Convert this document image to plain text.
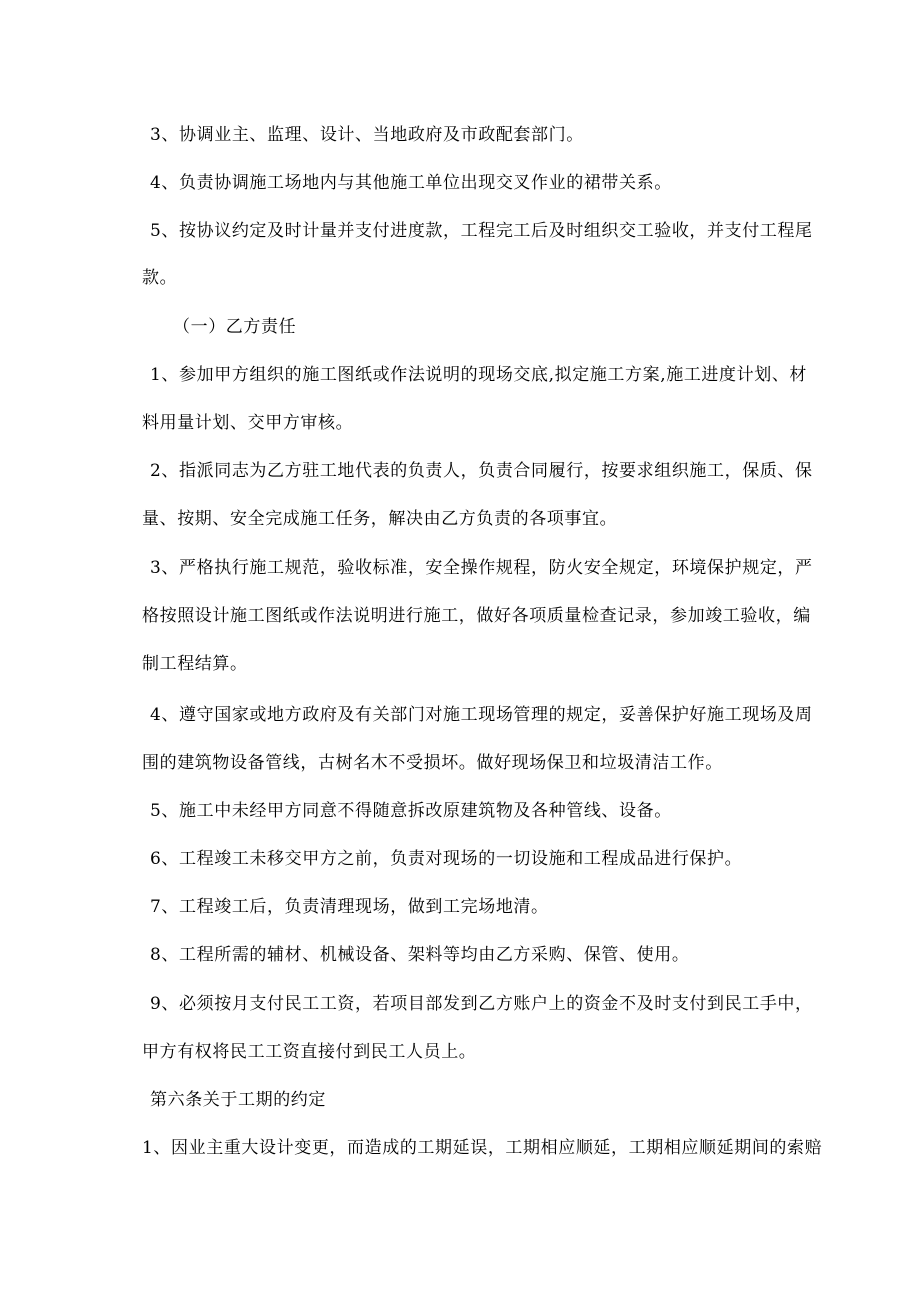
3、协调业主、监理、设计、当地政府及市政配套部门。
4、负责协调施工场地内与其他施工单位出现交叉作业的裙带关系。
5、按协议约定及时计量并支付进度款，工程完工后及时组织交工验收，并支付工程尾
款。
（一）乙方责任
1、参加甲方组织的施工图纸或作法说明的现场交底,拟定施工方案,施工进度计划、材
料用量计划、交甲方审核。
2、指派同志为乙方驻工地代表的负责人，负责合同履行，按要求组织施工，保质、保
量、按期、安全完成施工任务，解决由乙方负责的各项事宜。
3、严格执行施工规范，验收标准，安全操作规程，防火安全规定，环境保护规定，严
格按照设计施工图纸或作法说明进行施工，做好各项质量检查记录，参加竣工验收，编
制工程结算。
4、遵守国家或地方政府及有关部门对施工现场管理的规定，妥善保护好施工现场及周
围的建筑物设备管线，古树名木不受损坏。做好现场保卫和垃圾清洁工作。
5、施工中未经甲方同意不得随意拆改原建筑物及各种管线、设备。
6、工程竣工未移交甲方之前，负责对现场的一切设施和工程成品进行保护。
7、工程竣工后，负责清理现场，做到工完场地清。
8、工程所需的辅材、机械设备、架料等均由乙方采购、保管、使用。
9、必须按月支付民工工资，若项目部发到乙方账户上的资金不及时支付到民工手中，
甲方有权将民工工资直接付到民工人员上。
第六条关于工期的约定
1、因业主重大设计变更，而造成的工期延误，工期相应顺延，工期相应顺延期间的索赔
